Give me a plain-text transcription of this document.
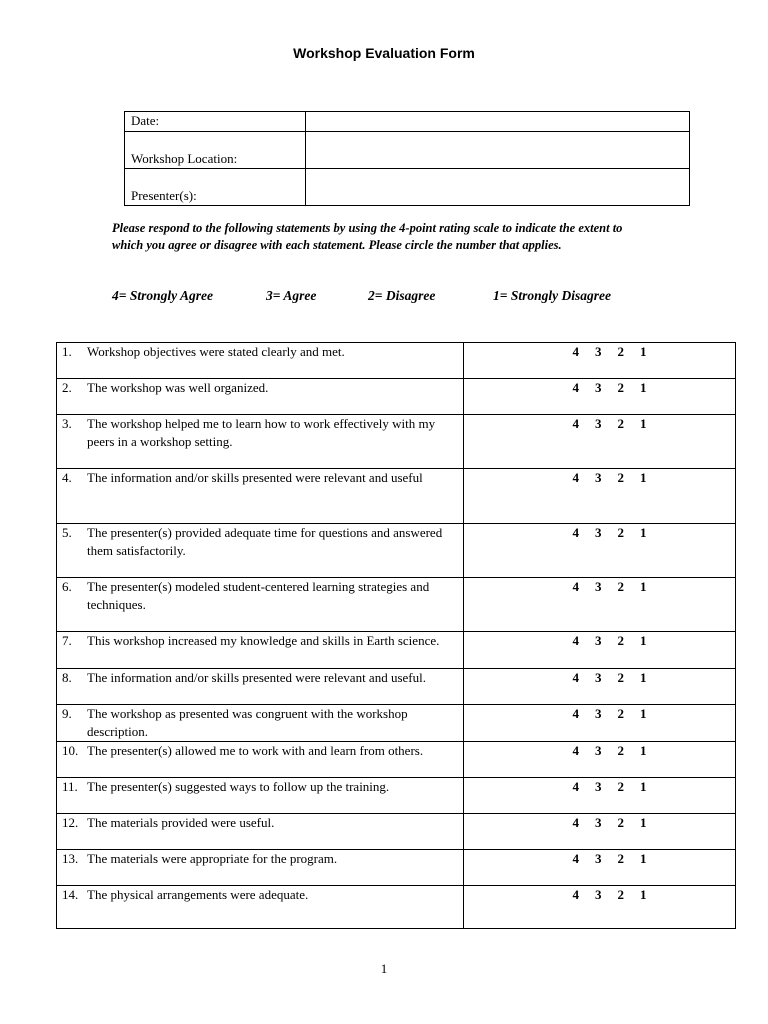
Workshop Evaluation Form
Date:	
Workshop Location:	
Presenter(s):	
Please respond to the following statements by using the 4-point rating scale to indicate the extent to which you agree or disagree with each statement. Please circle the number that applies.
4= Strongly Agree	3= Agree	2= Disagree	1= Strongly Disagree
1. Workshop objectives were stated clearly and met.	4 3 2 1

2. The workshop was well organized.	4 3 2 1

3. The workshop helped me to learn how to work effectively with my peers in a workshop setting.	4 3 2 1

4. The information and/or skills presented were relevant and useful	4 3 2 1

5. The presenter(s) provided adequate time for questions and answered them satisfactorily.	4 3 2 1

6. The presenter(s) modeled student-centered learning strategies and techniques.	4 3 2 1

7. This workshop increased my knowledge and skills in Earth science.	4 3 2 1

8. The information and/or skills presented were relevant and useful.	4 3 2 1

9. The workshop as presented was congruent with the workshop description.	4 3 2 1

10. The presenter(s) allowed me to work with and learn from others.	4 3 2 1

11. The presenter(s) suggested ways to follow up the training.	4 3 2 1

12. The materials provided were useful.	4 3 2 1

13. The materials were appropriate for the program.	4 3 2 1

14. The physical arrangements were adequate.	4 3 2 1
1
